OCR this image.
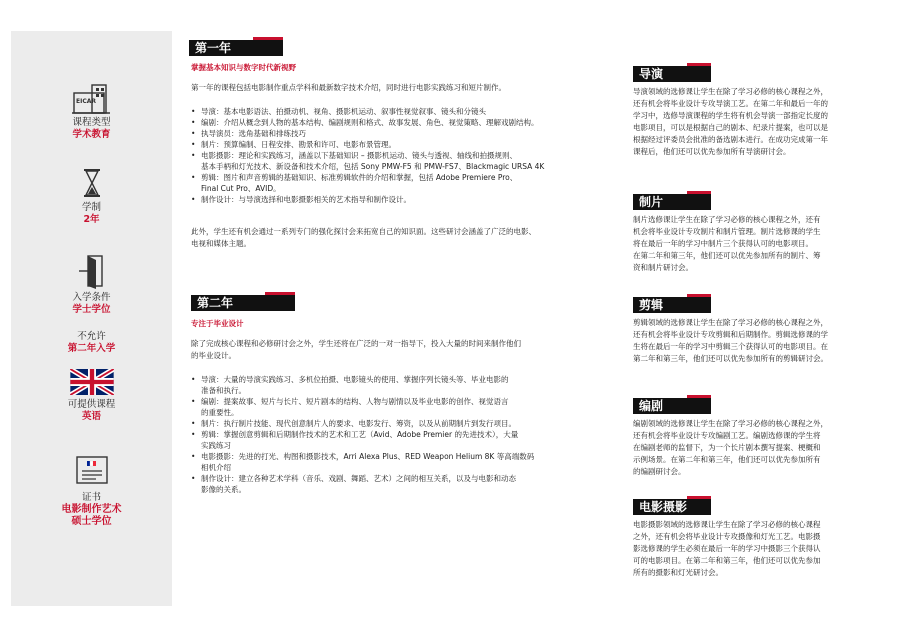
EICAR
课程类型
学术教育
学制
2年
入学条件
学士学位
不允许
第二年入学
可提供课程
英语
证书
电影制作艺术
硕士学位
第一年
掌握基本知识与数字时代新视野
第一年的课程包括电影制作重点学科和最新数字技术介绍，同时进行电影实践练习和短片制作。
• 导演：基本电影语法、拍摄动机、视角、摄影机运动、叙事性视觉叙事、镜头和分镜头
• 编剧：介绍从概念到人物的基本结构、编剧规则和格式、故事发展、角色、视觉策略、理解戏剧结构。
• 执导演员：选角基础和排练技巧
• 制片：预算编制、日程安排、勘景和许可、电影布景管理。
• 电影摄影：理论和实践练习，涵盖以下基础知识 – 摄影机运动、镜头与透视、轴线和拍摄规则、
基本手柄和灯光技术、新设备和技术介绍，包括 Sony PMW-F5 和 PMW-FS7、Blackmagic URSA 4K
• 剪辑：图片和声音剪辑的基础知识、标准剪辑软件的介绍和掌握，包括 Adobe Premiere Pro、
Final Cut Pro、AVID。
• 制作设计：与导演选择和电影摄影相关的艺术指导和制作设计。
此外，学生还有机会通过一系列专门的强化探讨会来拓宽自己的知识面。这些研讨会涵盖了广泛的电影、
电视和媒体主题。
第二年
专注于毕业设计
除了完成核心课程和必修研讨会之外，学生还将在广泛的一对一指导下，投入大量的时间来制作他们
的毕业设计。
• 导演：大量的导演实践练习、多机位拍摄、电影镜头的使用、掌握序列长镜头等、毕业电影的
准备和执行。
• 编剧：提案故事、短片与长片、短片剧本的结构、人物与剧情以及毕业电影的创作、视觉语言
的重要性。
• 制片：执行制片技能、现代创意制片人的要求、电影发行、筹资，以及从前期制片到发行项目。
• 剪辑：掌握创意剪辑和后期制作技术的艺术和工艺（Avid、Adobe Premier 的先进技术），大量
实践练习
• 电影摄影：先进的打光、构图和摄影技术，Arri Alexa Plus、RED Weapon Helium 8K 等高端数码
相机介绍
• 制作设计：建立各种艺术学科（音乐、戏剧、舞蹈、艺术）之间的相互关系，以及与电影和动态
影像的关系。
导演
导演领域的选修课让学生在除了学习必修的核心课程之外，
还有机会将毕业设计专攻导演工艺。在第二年和最后一年的
学习中，选修导演课程的学生将有机会导演一部指定长度的
电影项目，可以是根据自己的剧本、纪录片提案，也可以是
根据经过评委员会批准的备选剧本进行。在成功完成第一年
课程后，他们还可以优先参加所有导演研讨会。
制片
制片选修课让学生在除了学习必修的核心课程之外，还有
机会将毕业设计专攻制片和制片管理。制片选修课的学生
将在最后一年的学习中制片三个获得认可的电影项目。
在第二年和第三年，他们还可以优先参加所有的制片、筹
资和制片研讨会。
剪辑
剪辑领域的选修课让学生在除了学习必修的核心课程之外，
还有机会将毕业设计专攻剪辑和后期制作。剪辑选修课的学
生将在最后一年的学习中剪辑三个获得认可的电影项目。在
第二年和第三年，他们还可以优先参加所有的剪辑研讨会。
编剧
编剧领域的选修课让学生在除了学习必修的核心课程之外，
还有机会将毕业设计专攻编剧工艺。编剧选修课的学生将
在编剧老师的监督下，为一个长片剧本撰写提案、梗概和
示例场景。在第二年和第三年，他们还可以优先参加所有
的编剧研讨会。
电影摄影
电影摄影领域的选修课让学生在除了学习必修的核心课程
之外，还有机会将毕业设计专攻摄像和灯光工艺。电影摄
影选修课的学生必须在最后一年的学习中摄影三个获得认
可的电影项目。在第二年和第三年，他们还可以优先参加
所有的摄影和灯光研讨会。
